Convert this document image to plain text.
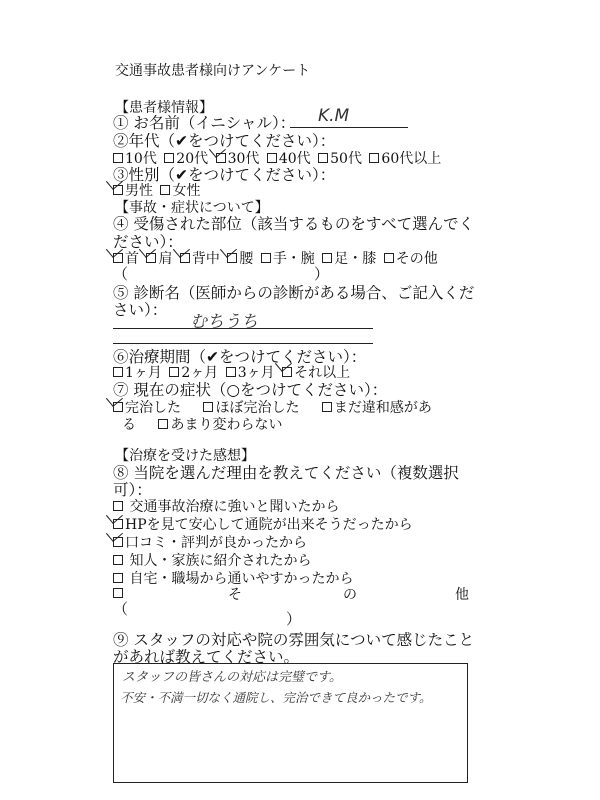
交通事故患者様向けアンケート
【患者様情報】
① お名前（イニシャル）： K.M
②年代（✔をつけてください）：
10代 20代 30代 40代 50代 60代以上
③性別（✔をつけてください）：
男性 女性
【事故・症状について】
④ 受傷された部位（該当するものをすべて選んでく
ださい）：
首 肩 背中 腰 手・腕 足・膝 その他
（	）
⑤ 診断名（医師からの診断がある場合、ご記入くだ
さい）：
むちうち
⑥治療期間（✔をつけてください）：
1ヶ月 2ヶ月 3ヶ月 それ以上
⑦ 現在の症状（○をつけてください）：
完治した ほぼ完治した まだ違和感があ
る あまり変わらない
【治療を受けた感想】
⑧ 当院を選んだ理由を教えてください（複数選択
可）：
交通事故治療に強いと聞いたから
HPを見て安心して通院が出来そうだったから
口コミ・評判が良かったから
知人・家族に紹介されたから
自宅・職場から通いやすかったから
そ	の	他
（
）
⑨ スタッフの対応や院の雰囲気について感じたこと
があれば教えてください。
スタッフの皆さんの対応は完璧です。
不安・不満一切なく通院し、完治できて良かったです。
